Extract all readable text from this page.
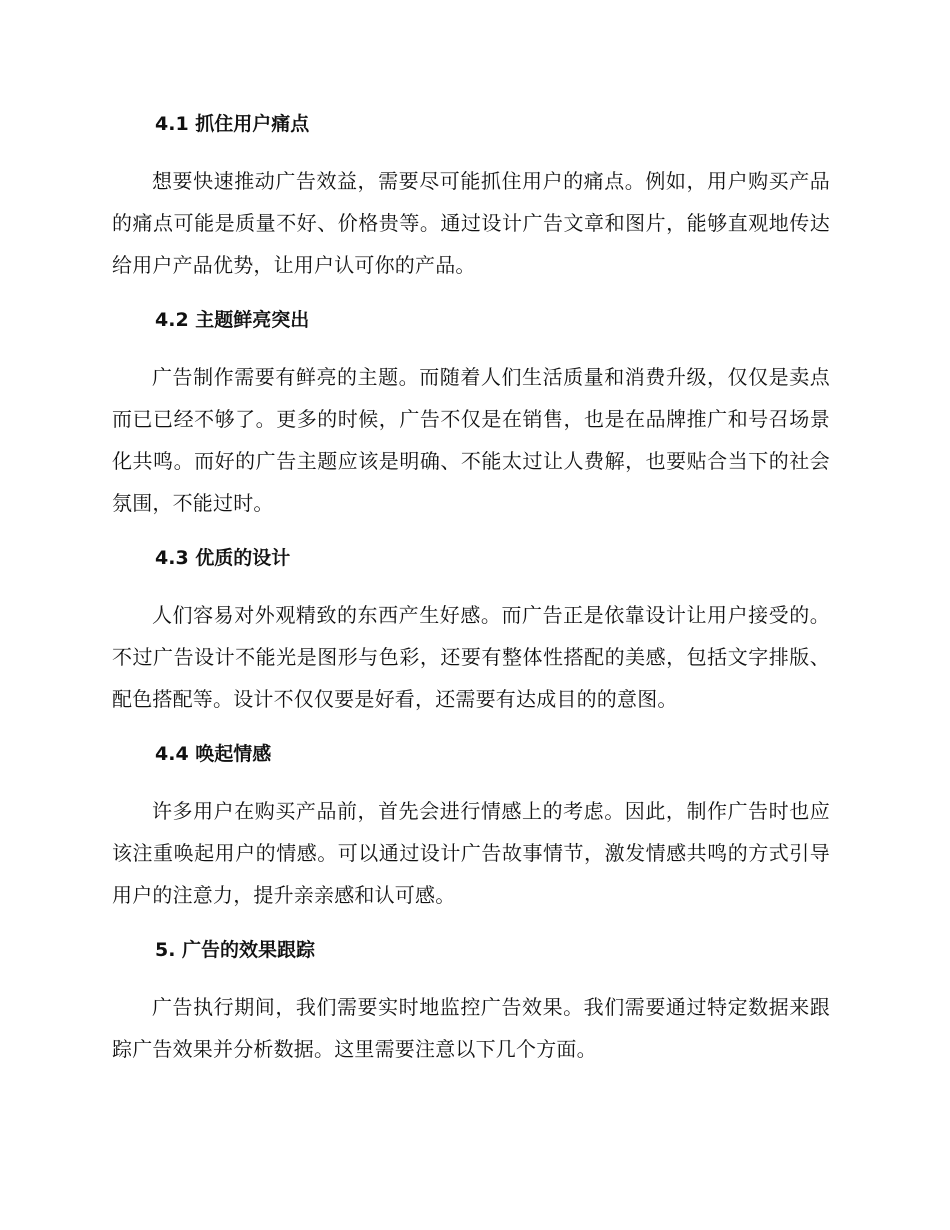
4.1 抓住用户痛点

想要快速推动广告效益，需要尽可能抓住用户的痛点。例如，用户购买产品的痛点可能是质量不好、价格贵等。通过设计广告文章和图片，能够直观地传达给用户产品优势，让用户认可你的产品。

4.2 主题鲜亮突出

广告制作需要有鲜亮的主题。而随着人们生活质量和消费升级，仅仅是卖点而已已经不够了。更多的时候，广告不仅是在销售，也是在品牌推广和号召场景化共鸣。而好的广告主题应该是明确、不能太过让人费解，也要贴合当下的社会氛围，不能过时。

4.3 优质的设计

人们容易对外观精致的东西产生好感。而广告正是依靠设计让用户接受的。不过广告设计不能光是图形与色彩，还要有整体性搭配的美感，包括文字排版、配色搭配等。设计不仅仅要是好看，还需要有达成目的的意图。

4.4 唤起情感

许多用户在购买产品前，首先会进行情感上的考虑。因此，制作广告时也应该注重唤起用户的情感。可以通过设计广告故事情节，激发情感共鸣的方式引导用户的注意力，提升亲亲感和认可感。

5. 广告的效果跟踪

广告执行期间，我们需要实时地监控广告效果。我们需要通过特定数据来跟踪广告效果并分析数据。这里需要注意以下几个方面。
